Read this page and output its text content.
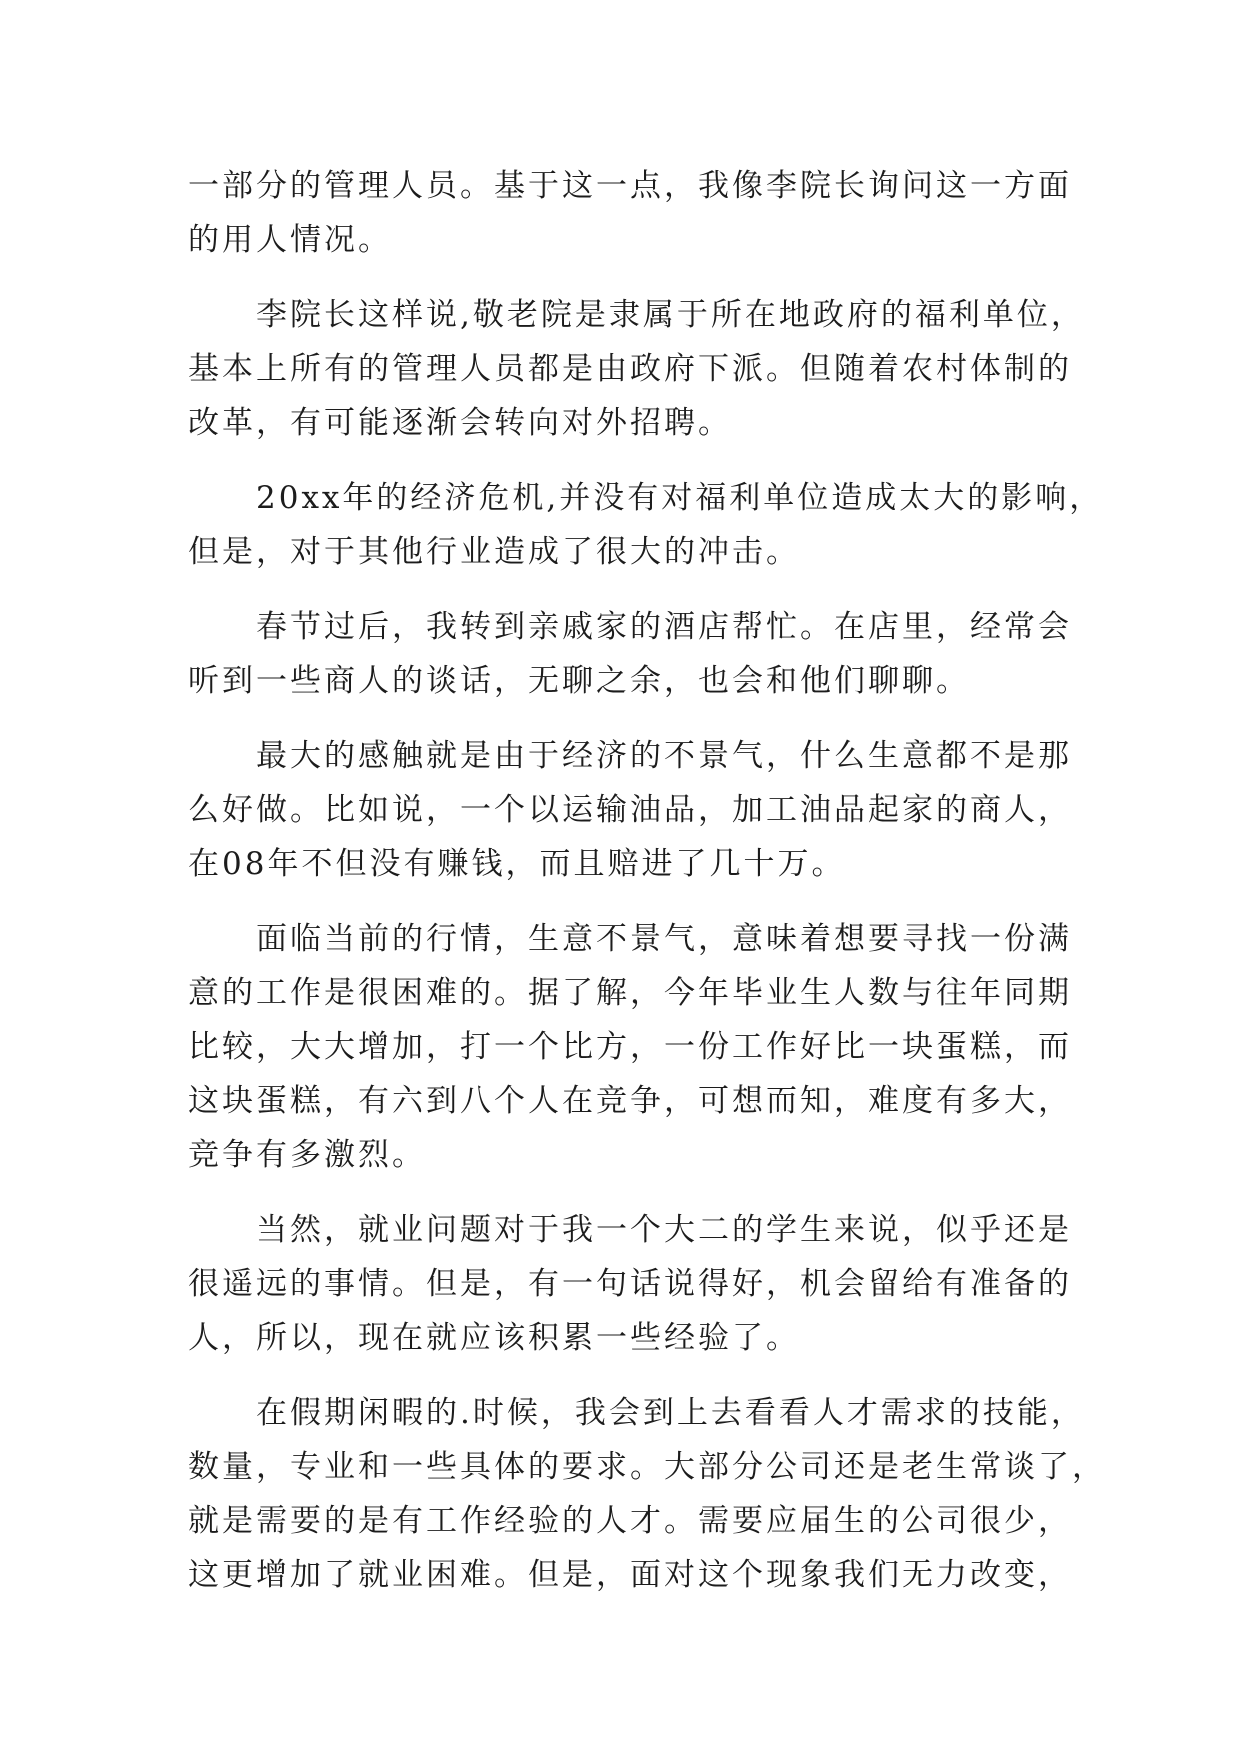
一部分的管理人员。基于这一点，我像李院长询问这一方面
的用人情况。
李院长这样说,敬老院是隶属于所在地政府的福利单位，
基本上所有的管理人员都是由政府下派。但随着农村体制的
改革，有可能逐渐会转向对外招聘。
20xx年的经济危机,并没有对福利单位造成太大的影响，
但是，对于其他行业造成了很大的冲击。
春节过后，我转到亲戚家的酒店帮忙。在店里，经常会
听到一些商人的谈话，无聊之余，也会和他们聊聊。
最大的感触就是由于经济的不景气，什么生意都不是那
么好做。比如说，一个以运输油品，加工油品起家的商人，
在08年不但没有赚钱，而且赔进了几十万。
面临当前的行情，生意不景气，意味着想要寻找一份满
意的工作是很困难的。据了解，今年毕业生人数与往年同期
比较，大大增加，打一个比方，一份工作好比一块蛋糕，而
这块蛋糕，有六到八个人在竞争，可想而知，难度有多大，
竞争有多激烈。
当然，就业问题对于我一个大二的学生来说，似乎还是
很遥远的事情。但是，有一句话说得好，机会留给有准备的
人，所以，现在就应该积累一些经验了。
在假期闲暇的.时候，我会到上去看看人才需求的技能，
数量，专业和一些具体的要求。大部分公司还是老生常谈了，
就是需要的是有工作经验的人才。需要应届生的公司很少，
这更增加了就业困难。但是，面对这个现象我们无力改变，
